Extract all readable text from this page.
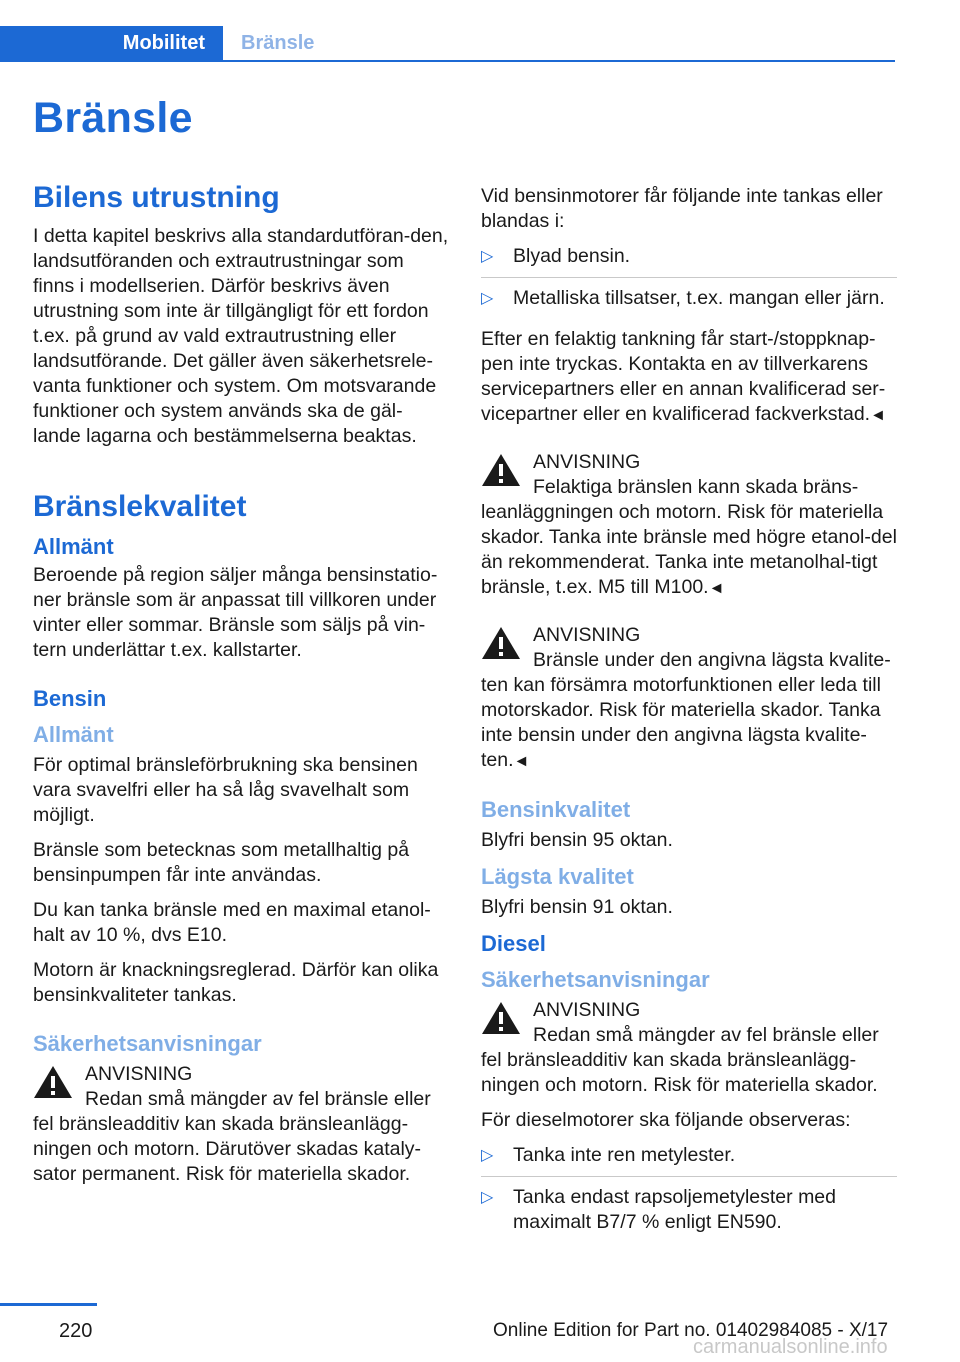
Mobilitet	Bränsle
Bränsle
Bilens utrustning

I detta kapitel beskrivs alla standardutföran-den, landsutföranden och extrautrustningar som finns i modellserien. Därför beskrivs även utrustning som inte är tillgängligt för ett fordon t.ex. på grund av vald extrautrustning eller landsutförande. Det gäller även säkerhetsrele-vanta funktioner och system. Om motsvarande funktioner och system används ska de gäl-lande lagarna och bestämmelserna beaktas.

Bränslekvalitet
Allmänt

Beroende på region säljer många bensinstatio-ner bränsle som är anpassat till villkoren under vinter eller sommar. Bränsle som säljs på vin-tern underlättar t.ex. kallstarter.

Bensin
Allmänt

För optimal bränsleförbrukning ska bensinen vara svavelfri eller ha så låg svavelhalt som möjligt.

Bränsle som betecknas som metallhaltig på bensinpumpen får inte användas.

Du kan tanka bränsle med en maximal etanol-halt av 10 %, dvs E10.

Motorn är knackningsreglerad. Därför kan olika bensinkvaliteter tankas.

Säkerhetsanvisningar
ANVISNING
Redan små mängder av fel bränsle eller
fel bränsleadditiv kan skada bränsleanlägg-ningen och motorn. Därutöver skadas kataly-sator permanent. Risk för materiella skador.

Vid bensinmotorer får följande inte tankas eller blandas i:

▷ Blyad bensin.
▷ Metalliska tillsatser, t.ex. mangan eller järn.

Efter en felaktig tankning får start-/stoppknap-pen inte tryckas. Kontakta en av tillverkarens servicepartners eller en annan kvalificerad ser-vicepartner eller en kvalificerad fackverkstad.◄

ANVISNING
Felaktiga bränslen kann skada bräns-
leanläggningen och motorn. Risk för materiella skador. Tanka inte bränsle med högre etanol-del än rekommenderat. Tanka inte metanolhal-tigt bränsle, t.ex. M5 till M100.◄
ANVISNING
Bränsle under den angivna lägsta kvalite-
ten kan försämra motorfunktionen eller leda till motorskador. Risk för materiella skador. Tanka inte bensin under den angivna lägsta kvalite-ten.◄
Bensinkvalitet

Blyfri bensin 95 oktan.

Lägsta kvalitet

Blyfri bensin 91 oktan.

Diesel
Säkerhetsanvisningar
ANVISNING
Redan små mängder av fel bränsle eller
fel bränsleadditiv kan skada bränsleanlägg-ningen och motorn. Risk för materiella skador.

För dieselmotorer ska följande observeras:

▷ Tanka inte ren metylester.
▷ Tanka endast rapsoljemetylester med maximalt B7/7 % enligt EN590.
220	Online Edition for Part no. 01402984085 - X/17
carmanualsonline.info
